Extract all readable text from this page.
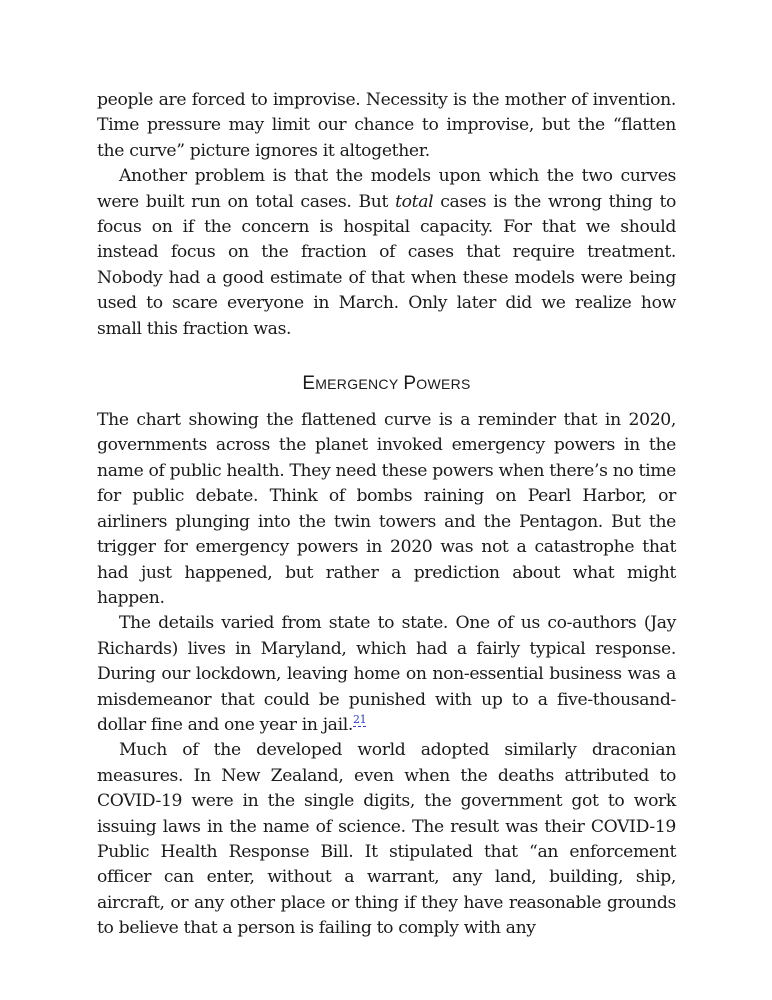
people are forced to improvise. Necessity is the mother of invention. Time pressure may limit our chance to improvise, but the “flatten the curve” picture ignores it altogether.

Another problem is that the models upon which the two curves were built run on total cases. But total cases is the wrong thing to focus on if the concern is hospital capacity. For that we should instead focus on the fraction of cases that require treatment. Nobody had a good estimate of that when these models were being used to scare everyone in March. Only later did we realize how small this fraction was.

EMERGENCY POWERS

The chart showing the flattened curve is a reminder that in 2020, governments across the planet invoked emergency powers in the name of public health. They need these powers when there’s no time for public debate. Think of bombs raining on Pearl Harbor, or airliners plunging into the twin towers and the Pentagon. But the trigger for emergency powers in 2020 was not a catastrophe that had just happened, but rather a prediction about what might happen.

The details varied from state to state. One of us co-authors (Jay Richards) lives in Maryland, which had a fairly typical response. During our lockdown, leaving home on non-essential business was a misdemeanor that could be punished with up to a five-thousand-dollar fine and one year in jail.$^{21}$

Much of the developed world adopted similarly draconian measures. In New Zealand, even when the deaths attributed to COVID-19 were in the single digits, the government got to work issuing laws in the name of science. The result was their COVID-19 Public Health Response Bill. It stipulated that “an enforcement officer can enter, without a warrant, any land, building, ship, aircraft, or any other place or thing if they have reasonable grounds to believe that a person is failing to comply with any
